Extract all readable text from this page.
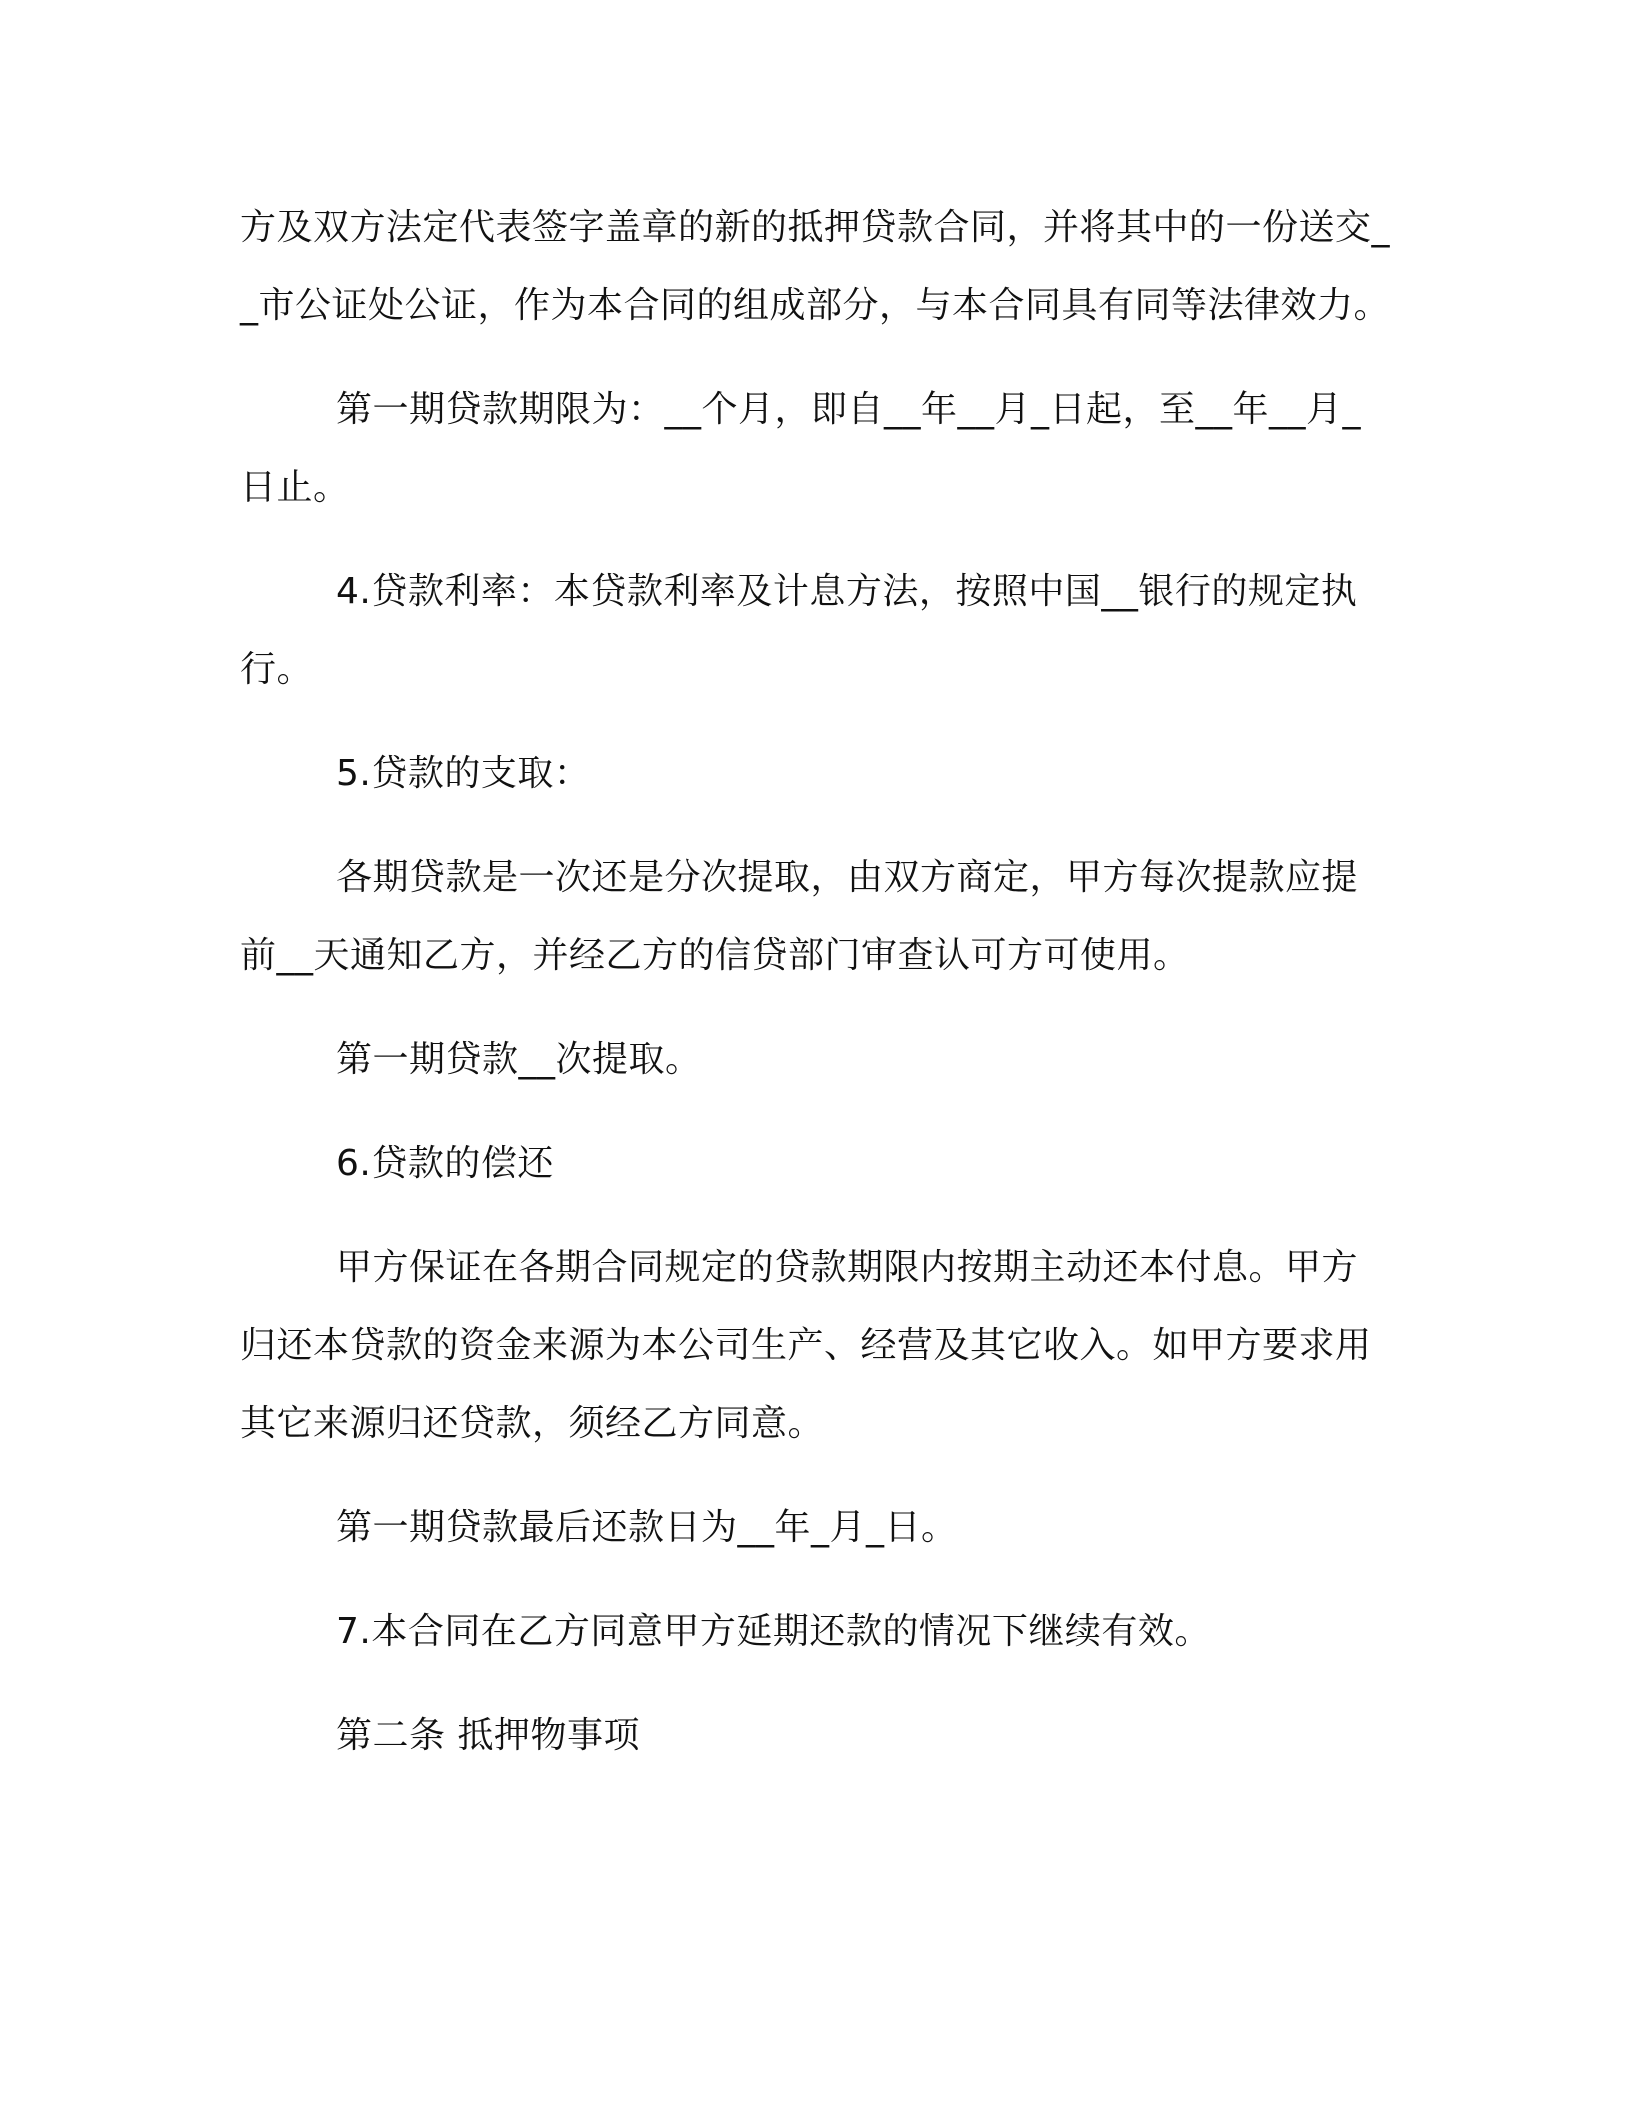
方及双方法定代表签字盖章的新的抵押贷款合同，并将其中的一份送交__市公证处公证，作为本合同的组成部分，与本合同具有同等法律效力。

第一期贷款期限为：__个月，即自__年__月_日起，至__年__月_日止。

4.贷款利率：本贷款利率及计息方法，按照中国__银行的规定执行。

5.贷款的支取：

各期贷款是一次还是分次提取，由双方商定，甲方每次提款应提前__天通知乙方，并经乙方的信贷部门审查认可方可使用。

第一期贷款__次提取。

6.贷款的偿还

甲方保证在各期合同规定的贷款期限内按期主动还本付息。甲方归还本贷款的资金来源为本公司生产、经营及其它收入。如甲方要求用其它来源归还贷款，须经乙方同意。

第一期贷款最后还款日为__年_月_日。

7.本合同在乙方同意甲方延期还款的情况下继续有效。

第二条 抵押物事项
